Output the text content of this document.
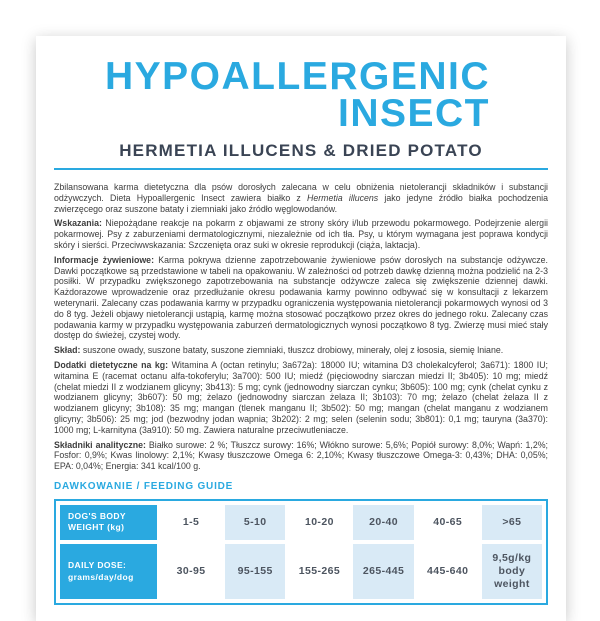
HYPOALLERGENIC
INSECT
HERMETIA ILLUCENS & DRIED POTATO

Zbilansowana karma dietetyczna dla psów dorosłych zalecana w celu obniżenia nietolerancji składników i substancji odżywczych. Dieta Hypoallergenic Insect zawiera białko z Hermetia illucens jako jedyne źródło białka pochodzenia zwierzęcego oraz suszone bataty i ziemniaki jako źródło węglowodanów.

Wskazania: Niepożądane reakcje na pokarm z objawami ze strony skóry i/lub przewodu pokarmowego. Podejrzenie alergii pokarmowej. Psy z zaburzeniami dermatologicznymi, niezależnie od ich tła. Psy, u którym wymagana jest poprawa kondycji skóry i sierści. Przeciwwskazania: Szczenięta oraz suki w okresie reprodukcji (ciąża, laktacja).

Informacje żywieniowe: Karma pokrywa dzienne zapotrzebowanie żywieniowe psów dorosłych na substancje odżywcze. Dawki początkowe są przedstawione w tabeli na opakowaniu. W zależności od potrzeb dawkę dzienną można podzielić na 2-3 posiłki. W przypadku zwiększonego zapotrzebowania na substancje odżywcze zaleca się zwiększenie dziennej dawki. Każdorazowe wprowadzenie oraz przedłużanie okresu podawania karmy powinno odbywać się w konsultacji z lekarzem weterynarii. Zalecany czas podawania karmy w przypadku ograniczenia występowania nietolerancji pokarmowych wynosi od 3 do 8 tyg. Jeżeli objawy nietolerancji ustąpią, karmę można stosować początkowo przez okres do jednego roku. Zalecany czas podawania karmy w przypadku występowania zaburzeń dermatologicznych wynosi początkowo 8 tyg. Zwierzę musi mieć stały dostęp do świeżej, czystej wody.

Skład: suszone owady, suszone bataty, suszone ziemniaki, tłuszcz drobiowy, minerały, olej z łososia, siemię lniane.

Dodatki dietetyczne na kg: Witamina A (octan retinylu; 3a672a): 18000 IU; witamina D3 cholekalcyferol; 3a671): 1800 IU; witamina E (racemat octanu alfa-tokoferylu; 3a700): 500 IU; miedź (pięciowodny siarczan miedzi II; 3b405): 10 mg; miedź (chelat miedzi II z wodzianem glicyny; 3b413): 5 mg; cynk (jednowodny siarczan cynku; 3b605): 100 mg; cynk (chelat cynku z wodzianem glicyny; 3b607): 50 mg; żelazo (jednowodny siarczan żelaza II; 3b103): 70 mg; żelazo (chelat żelaza II z wodzianem glicyny; 3b108): 35 mg; mangan (tlenek manganu II; 3b502): 50 mg; mangan (chelat manganu z wodzianem glicyny; 3b506): 25 mg; jod (bezwodny jodan wapnia; 3b202): 2 mg; selen (selenin sodu; 3b801): 0,1 mg; tauryna (3a370): 1000 mg; L-karnityna (3a910): 50 mg. Zawiera naturalne przeciwutleniacze.

Składniki analityczne: Białko surowe: 2 %; Tłuszcz surowy: 16%; Włókno surowe: 5,6%; Popiół surowy: 8,0%; Wapń: 1,2%; Fosfor: 0,9%; Kwas linolowy: 2,1%; Kwasy tłuszczowe Omega 6: 2,10%; Kwasy tłuszczowe Omega-3: 0,43%; DHA: 0,05%; EPA: 0,04%; Energia: 341 kcal/100 g.

DAWKOWANIE / FEEDING GUIDE
DOG'S BODY WEIGHT (kg)	1-5	5-10	10-20	20-40	40-65	>65
DAILY DOSE: grams/day/dog	30-95	95-155	155-265	265-445	445-640	9,5g/kg body weight
